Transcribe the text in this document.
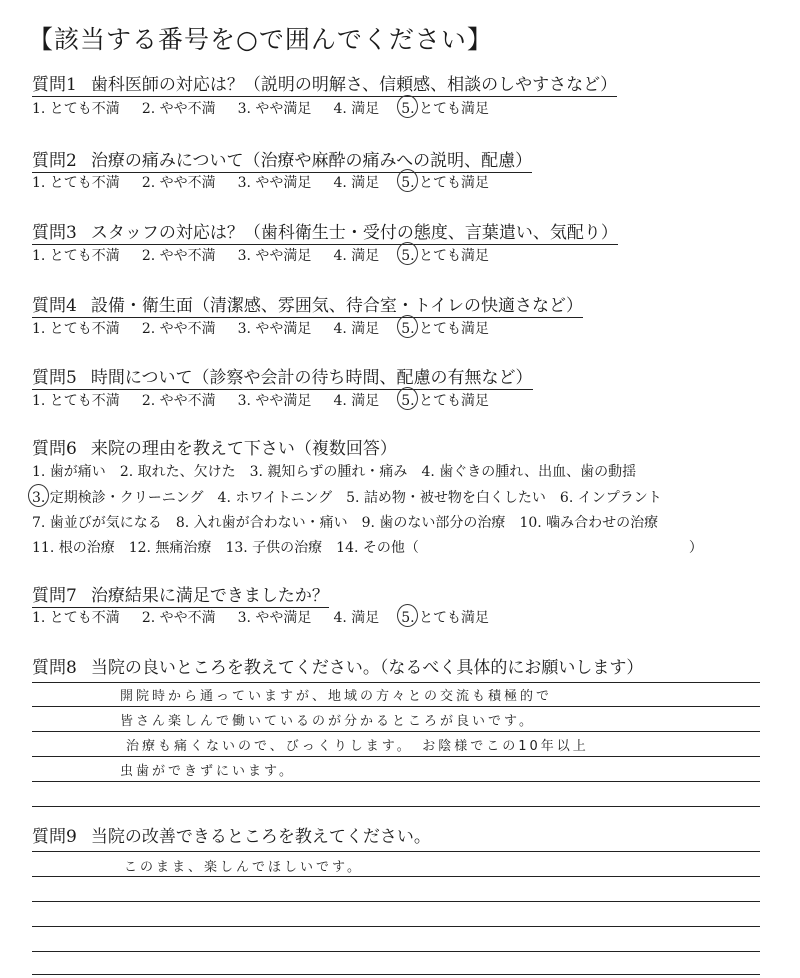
【該当する番号を○で囲んでください】
質問1 歯科医師の対応は？（説明の明解さ、信頼感、相談のしやすさなど）
1. とても不満 2. やや不満 3. やや満足 4. 満足 5. とても満足
質問2 治療の痛みについて（治療や麻酔の痛みへの説明、配慮）
1. とても不満 2. やや不満 3. やや満足 4. 満足 5. とても満足
質問3 スタッフの対応は？（歯科衛生士・受付の態度、言葉遣い、気配り）
1. とても不満 2. やや不満 3. やや満足 4. 満足 5. とても満足
質問4 設備・衛生面（清潔感、雰囲気、待合室・トイレの快適さなど）
1. とても不満 2. やや不満 3. やや満足 4. 満足 5. とても満足
質問5 時間について（診察や会計の待ち時間、配慮の有無など）
1. とても不満 2. やや不満 3. やや満足 4. 満足 5. とても満足
質問6 来院の理由を教えて下さい（複数回答）
1. 歯が痛い 2. 取れた、欠けた 3. 親知らずの腫れ・痛み 4. 歯ぐきの腫れ、出血、歯の動揺
3. 定期検診・クリーニング 4. ホワイトニング 5. 詰め物・被せ物を白くしたい 6. インプラント
7. 歯並びが気になる 8. 入れ歯が合わない・痛い 9. 歯のない部分の治療 10. 噛み合わせの治療
11. 根の治療 12. 無痛治療 13. 子供の治療 14. その他（	）
質問7 治療結果に満足できましたか？
1. とても不満 2. やや不満 3. やや満足 4. 満足 5. とても満足
質問8 当院の良いところを教えてください。（なるべく具体的にお願いします）
開院時から通っていますが、地域の方々との交流も積極的で
皆さん楽しんで働いているのが分かるところが良いです。
治療も痛くないので、びっくりします。　お陰様でこの10年以上
虫歯ができずにいます。
質問9 当院の改善できるところを教えてください。
このまま、楽しんでほしいです。
